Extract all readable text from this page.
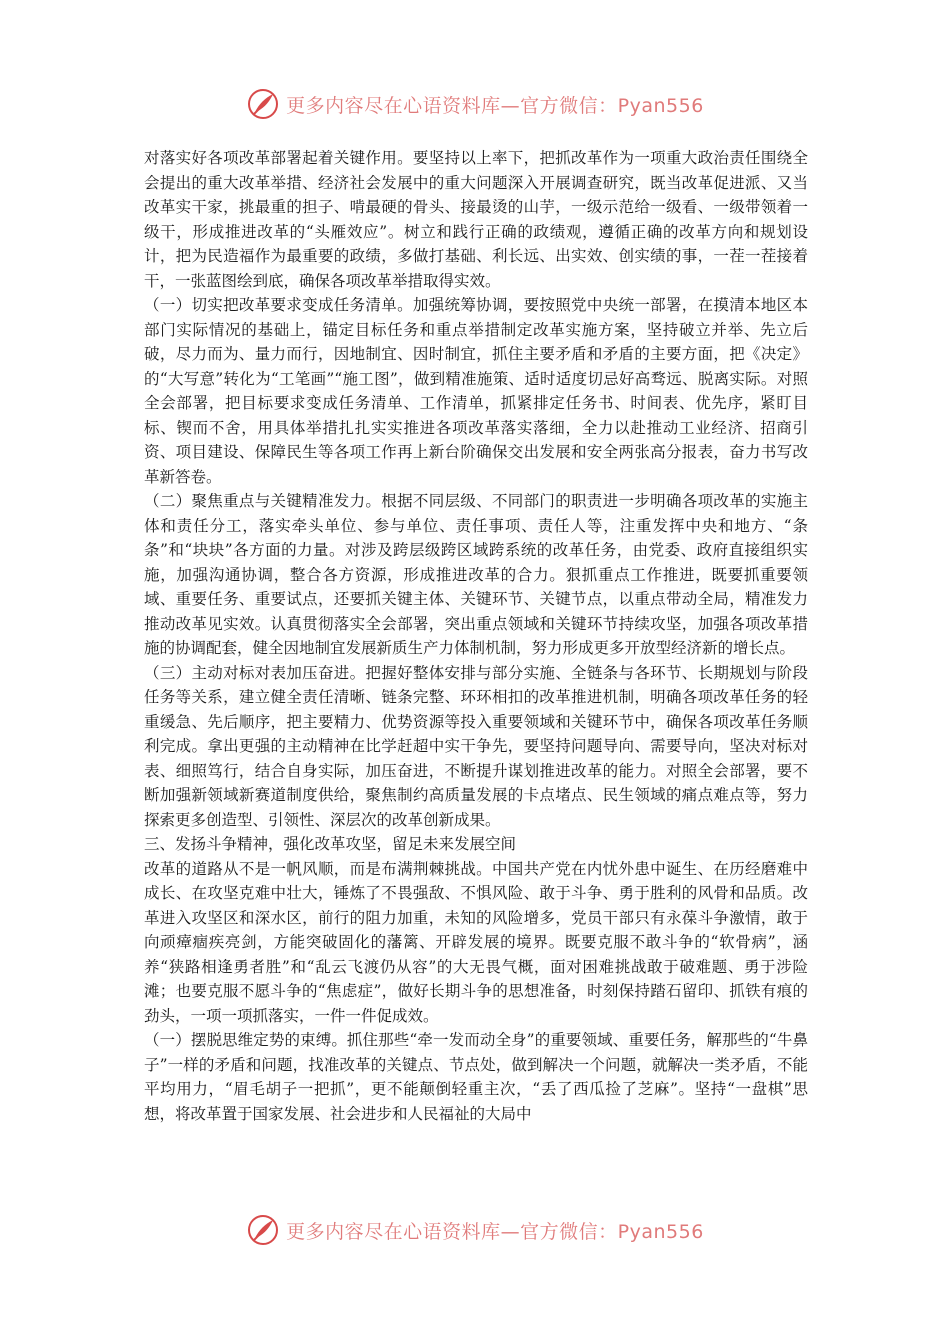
更多内容尽在心语资料库—官方微信：Pyan556

对落实好各项改革部署起着关键作用。要坚持以上率下，把抓改革作为一项重大政治责任围绕全会提出的重大改革举措、经济社会发展中的重大问题深入开展调查研究，既当改革促进派、又当改革实干家，挑最重的担子、啃最硬的骨头、接最烫的山芋，一级示范给一级看、一级带领着一级干，形成推进改革的“头雁效应”。树立和践行正确的政绩观，遵循正确的改革方向和规划设计，把为民造福作为最重要的政绩，多做打基础、利长远、出实效、创实绩的事，一茬一茬接着干，一张蓝图绘到底，确保各项改革举措取得实效。

（一）切实把改革要求变成任务清单。加强统筹协调，要按照党中央统一部署，在摸清本地区本部门实际情况的基础上，锚定目标任务和重点举措制定改革实施方案，坚持破立并举、先立后破，尽力而为、量力而行，因地制宜、因时制宜，抓住主要矛盾和矛盾的主要方面，把《决定》的“大写意”转化为“工笔画”“施工图”，做到精准施策、适时适度切忌好高骛远、脱离实际。对照全会部署，把目标要求变成任务清单、工作清单，抓紧排定任务书、时间表、优先序，紧盯目标、锲而不舍，用具体举措扎扎实实推进各项改革落实落细，全力以赴推动工业经济、招商引资、项目建设、保障民生等各项工作再上新台阶确保交出发展和安全两张高分报表，奋力书写改革新答卷。

（二）聚焦重点与关键精准发力。根据不同层级、不同部门的职责进一步明确各项改革的实施主体和责任分工，落实牵头单位、参与单位、责任事项、责任人等，注重发挥中央和地方、“条条”和“块块”各方面的力量。对涉及跨层级跨区域跨系统的改革任务，由党委、政府直接组织实施，加强沟通协调，整合各方资源，形成推进改革的合力。狠抓重点工作推进，既要抓重要领域、重要任务、重要试点，还要抓关键主体、关键环节、关键节点，以重点带动全局，精准发力推动改革见实效。认真贯彻落实全会部署，突出重点领域和关键环节持续攻坚，加强各项改革措施的协调配套，健全因地制宜发展新质生产力体制机制，努力形成更多开放型经济新的增长点。

（三）主动对标对表加压奋进。把握好整体安排与部分实施、全链条与各环节、长期规划与阶段任务等关系，建立健全责任清晰、链条完整、环环相扣的改革推进机制，明确各项改革任务的轻重缓急、先后顺序，把主要精力、优势资源等投入重要领域和关键环节中，确保各项改革任务顺利完成。拿出更强的主动精神在比学赶超中实干争先，要坚持问题导向、需要导向，坚决对标对表、细照笃行，结合自身实际，加压奋进，不断提升谋划推进改革的能力。对照全会部署，要不断加强新领域新赛道制度供给，聚焦制约高质量发展的卡点堵点、民生领域的痛点难点等，努力探索更多创造型、引领性、深层次的改革创新成果。

三、发扬斗争精神，强化改革攻坚，留足未来发展空间

改革的道路从不是一帆风顺，而是布满荆棘挑战。中国共产党在内忧外患中诞生、在历经磨难中成长、在攻坚克难中壮大，锤炼了不畏强敌、不惧风险、敢于斗争、勇于胜利的风骨和品质。改革进入攻坚区和深水区，前行的阻力加重，未知的风险增多，党员干部只有永葆斗争激情，敢于向顽瘴痼疾亮剑，方能突破固化的藩篱、开辟发展的境界。既要克服不敢斗争的“软骨病”，涵养“狭路相逢勇者胜”和“乱云飞渡仍从容”的大无畏气概，面对困难挑战敢于破难题、勇于涉险滩；也要克服不愿斗争的“焦虑症”，做好长期斗争的思想准备，时刻保持踏石留印、抓铁有痕的劲头，一项一项抓落实，一件一件促成效。

（一）摆脱思维定势的束缚。抓住那些“牵一发而动全身”的重要领域、重要任务，解那些的“牛鼻子”一样的矛盾和问题，找准改革的关键点、节点处，做到解决一个问题，就解决一类矛盾，不能平均用力，“眉毛胡子一把抓”，更不能颠倒轻重主次，“丢了西瓜捡了芝麻”。坚持“一盘棋”思想，将改革置于国家发展、社会进步和人民福祉的大局中

更多内容尽在心语资料库—官方微信：Pyan556
